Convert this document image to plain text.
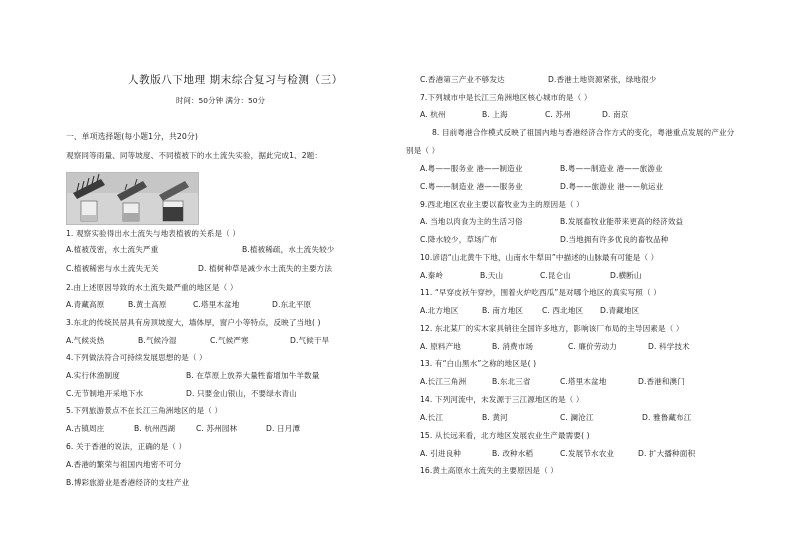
人教版八下地理 期末综合复习与检测（三）
时间：50分钟 满分：50分
一、单项选择题(每小题1分，共20分)
观察同等雨量、同等坡度、不同植被下的水土流失实验，据此完成1、2题：
1. 观察实验得出水土流失与地表植被的关系是（ ）
A.植被茂密，水土流失严重	B.植被稀疏，水土流失较少
C.植被稀密与水土流失无关	D. 植树种草是减少水土流失的主要方法
2.由上述原因导致的水土流失最严重的地区是（ ）
A.青藏高原	B.黄土高原	C.塔里木盆地	D.东北平原
3.东北的传统民居具有房顶坡度大，墙体厚，窗户小等特点，反映了当地( )
A.气候炎热	B.气候冷湿	C.气候严寒	D.气候干旱
4.下列做法符合可持续发展思想的是（ ）
A.实行休渔制度	B. 在草原上放养大量牲畜增加牛羊数量
C.无节制地开采地下水	D. 只要金山银山，不要绿水青山
5.下列旅游景点不在长江三角洲地区的是（ ）
A.古镇周庄	B. 杭州西湖	C. 苏州园林	D. 日月潭
6. 关于香港的说法，正确的是（ ）
A.香港的繁荣与祖国内地密不可分
B.博彩旅游业是香港经济的支柱产业
C.香港第三产业不够发达	D.香港土地资源紧张，绿地很少
7.下列城市中是长江三角洲地区核心城市的是（ ）
A. 杭州	B. 上海	C. 苏州	D. 南京
8. 目前粤港合作模式反映了祖国内地与香港经济合作方式的变化，粤港重点发展的产业分
别是（ ）
A.粤——服务业 港——制造业	B.粤——制造业 港——旅游业
C.粤——制造业 港——服务业	D.粤——旅游业 港——航运业
9.西北地区农业主要以畜牧业为主的原因是（ ）
A. 当地以肉食为主的生活习俗	B.发展畜牧业能带来更高的经济效益
C.降水较少，草场广布	D.当地拥有许多优良的畜牧品种
10.谚语“山北黄牛下地，山南水牛犁田”中描述的山脉最有可能是（ ）
A.秦岭	B.天山	C.昆仑山	D.横断山
11. “早穿皮袄午穿纱，围着火炉吃西瓜”是对哪个地区的真实写照（ ）
A.北方地区	B. 南方地区 C. 西北地区 D.青藏地区
12. 东北某厂的实木家具销往全国许多地方，影响该厂布局的主导因素是（ ）
A. 原料产地	B. 消费市场	C. 廉价劳动力	D. 科学技术
13. 有“白山黑水”之称的地区是( )
A.长江三角洲	B.东北三省	C.塔里木盆地	D.香港和澳门
14. 下列河流中，未发源于三江源地区的是（ ）
A.长江	B. 黄河	C. 澜沧江	D. 雅鲁藏布江
15. 从长远来看，北方地区发展农业生产最需要( )
A. 引进良种	B. 改种水稻	C.发展节水农业	D. 扩大播种面积
16.黄土高原水土流失的主要原因是（ ）
